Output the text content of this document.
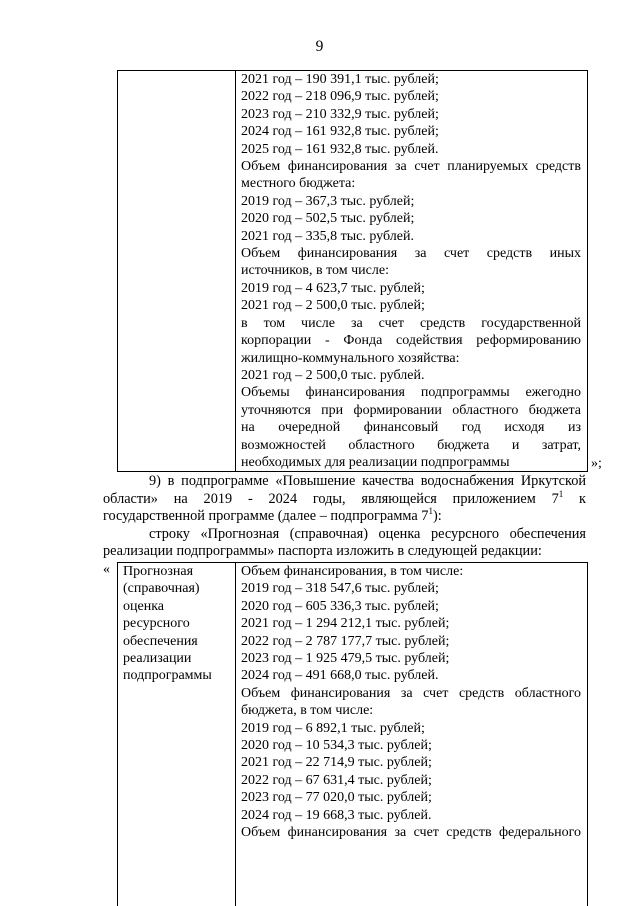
9

2021 год – 190 391,1 тыс. рублей;

2022 год – 218 096,9 тыс. рублей;

2023 год – 210 332,9 тыс. рублей;

2024 год – 161 932,8 тыс. рублей;

2025 год – 161 932,8 тыс. рублей.

Объем финансирования за счет планируемых средств

местного бюджета:

2019 год – 367,3 тыс. рублей;

2020 год – 502,5 тыс. рублей;

2021 год – 335,8 тыс. рублей.

Объем финансирования за счет средств иных

источников, в том числе:

2019 год – 4 623,7 тыс. рублей;

2021 год – 2 500,0 тыс. рублей;

в том числе за счет средств государственной

корпорации - Фонда содействия реформированию

жилищно-коммунального хозяйства:

2021 год – 2 500,0 тыс. рублей.

Объемы финансирования подпрограммы ежегодно

уточняются при формировании областного бюджета

на очередной финансовый год исходя из

возможностей областного бюджета и затрат,

необходимых для реализации подпрограммы	»;

9) в подпрограмме «Повышение качества водоснабжения Иркутской

области» на 2019 - 2024 годы, являющейся приложением $7^1$ к

государственной программе (далее – подпрограмма $7^1$):

строку «Прогнозная (справочная) оценка ресурсного обеспечения

реализации подпрограммы» паспорта изложить в следующей редакции:

« Прогнозная

(справочная)

оценка

ресурсного

обеспечения

реализации

подпрограммы

Объем финансирования, в том числе:

2019 год – 318 547,6 тыс. рублей;

2020 год – 605 336,3 тыс. рублей;

2021 год – 1 294 212,1 тыс. рублей;

2022 год – 2 787 177,7 тыс. рублей;

2023 год – 1 925 479,5 тыс. рублей;

2024 год – 491 668,0 тыс. рублей.

Объем финансирования за счет средств областного

бюджета, в том числе:

2019 год – 6 892,1 тыс. рублей;

2020 год – 10 534,3 тыс. рублей;

2021 год – 22 714,9 тыс. рублей;

2022 год – 67 631,4 тыс. рублей;

2023 год – 77 020,0 тыс. рублей;

2024 год – 19 668,3 тыс. рублей.

Объем финансирования за счет средств федерального
